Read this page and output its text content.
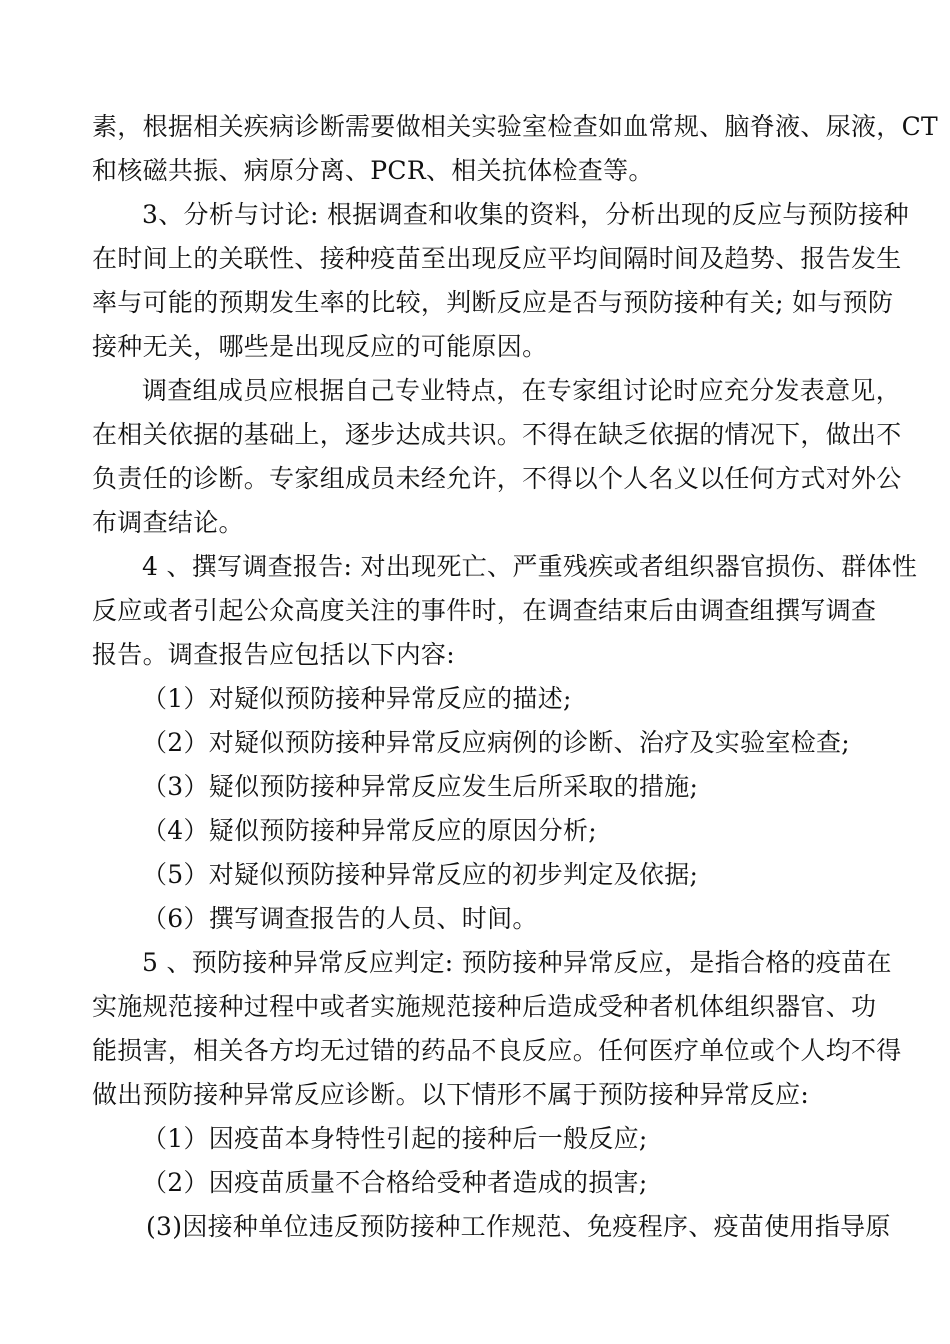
素，根据相关疾病诊断需要做相关实验室检查如血常规、脑脊液、尿液，CT
和核磁共振、病原分离、PCR、相关抗体检查等。
3、分析与讨论: 根据调查和收集的资料，分析出现的反应与预防接种
在时间上的关联性、接种疫苗至出现反应平均间隔时间及趋势、报告发生
率与可能的预期发生率的比较，判断反应是否与预防接种有关; 如与预防
接种无关，哪些是出现反应的可能原因。
调查组成员应根据自己专业特点，在专家组讨论时应充分发表意见，
在相关依据的基础上，逐步达成共识。不得在缺乏依据的情况下，做出不
负责任的诊断。专家组成员未经允许，不得以个人名义以任何方式对外公
布调查结论。
4 、撰写调查报告: 对出现死亡、严重残疾或者组织器官损伤、群体性
反应或者引起公众高度关注的事件时，在调查结束后由调查组撰写调查
报告。调查报告应包括以下内容:
（1）对疑似预防接种异常反应的描述;
（2）对疑似预防接种异常反应病例的诊断、治疗及实验室检查;
（3）疑似预防接种异常反应发生后所采取的措施;
（4）疑似预防接种异常反应的原因分析;
（5）对疑似预防接种异常反应的初步判定及依据;
（6）撰写调查报告的人员、时间。
5 、预防接种异常反应判定: 预防接种异常反应，是指合格的疫苗在
实施规范接种过程中或者实施规范接种后造成受种者机体组织器官、功
能损害，相关各方均无过错的药品不良反应。任何医疗单位或个人均不得
做出预防接种异常反应诊断。以下情形不属于预防接种异常反应:
（1）因疫苗本身特性引起的接种后一般反应;
（2）因疫苗质量不合格给受种者造成的损害;
(3)因接种单位违反预防接种工作规范、免疫程序、疫苗使用指导原
